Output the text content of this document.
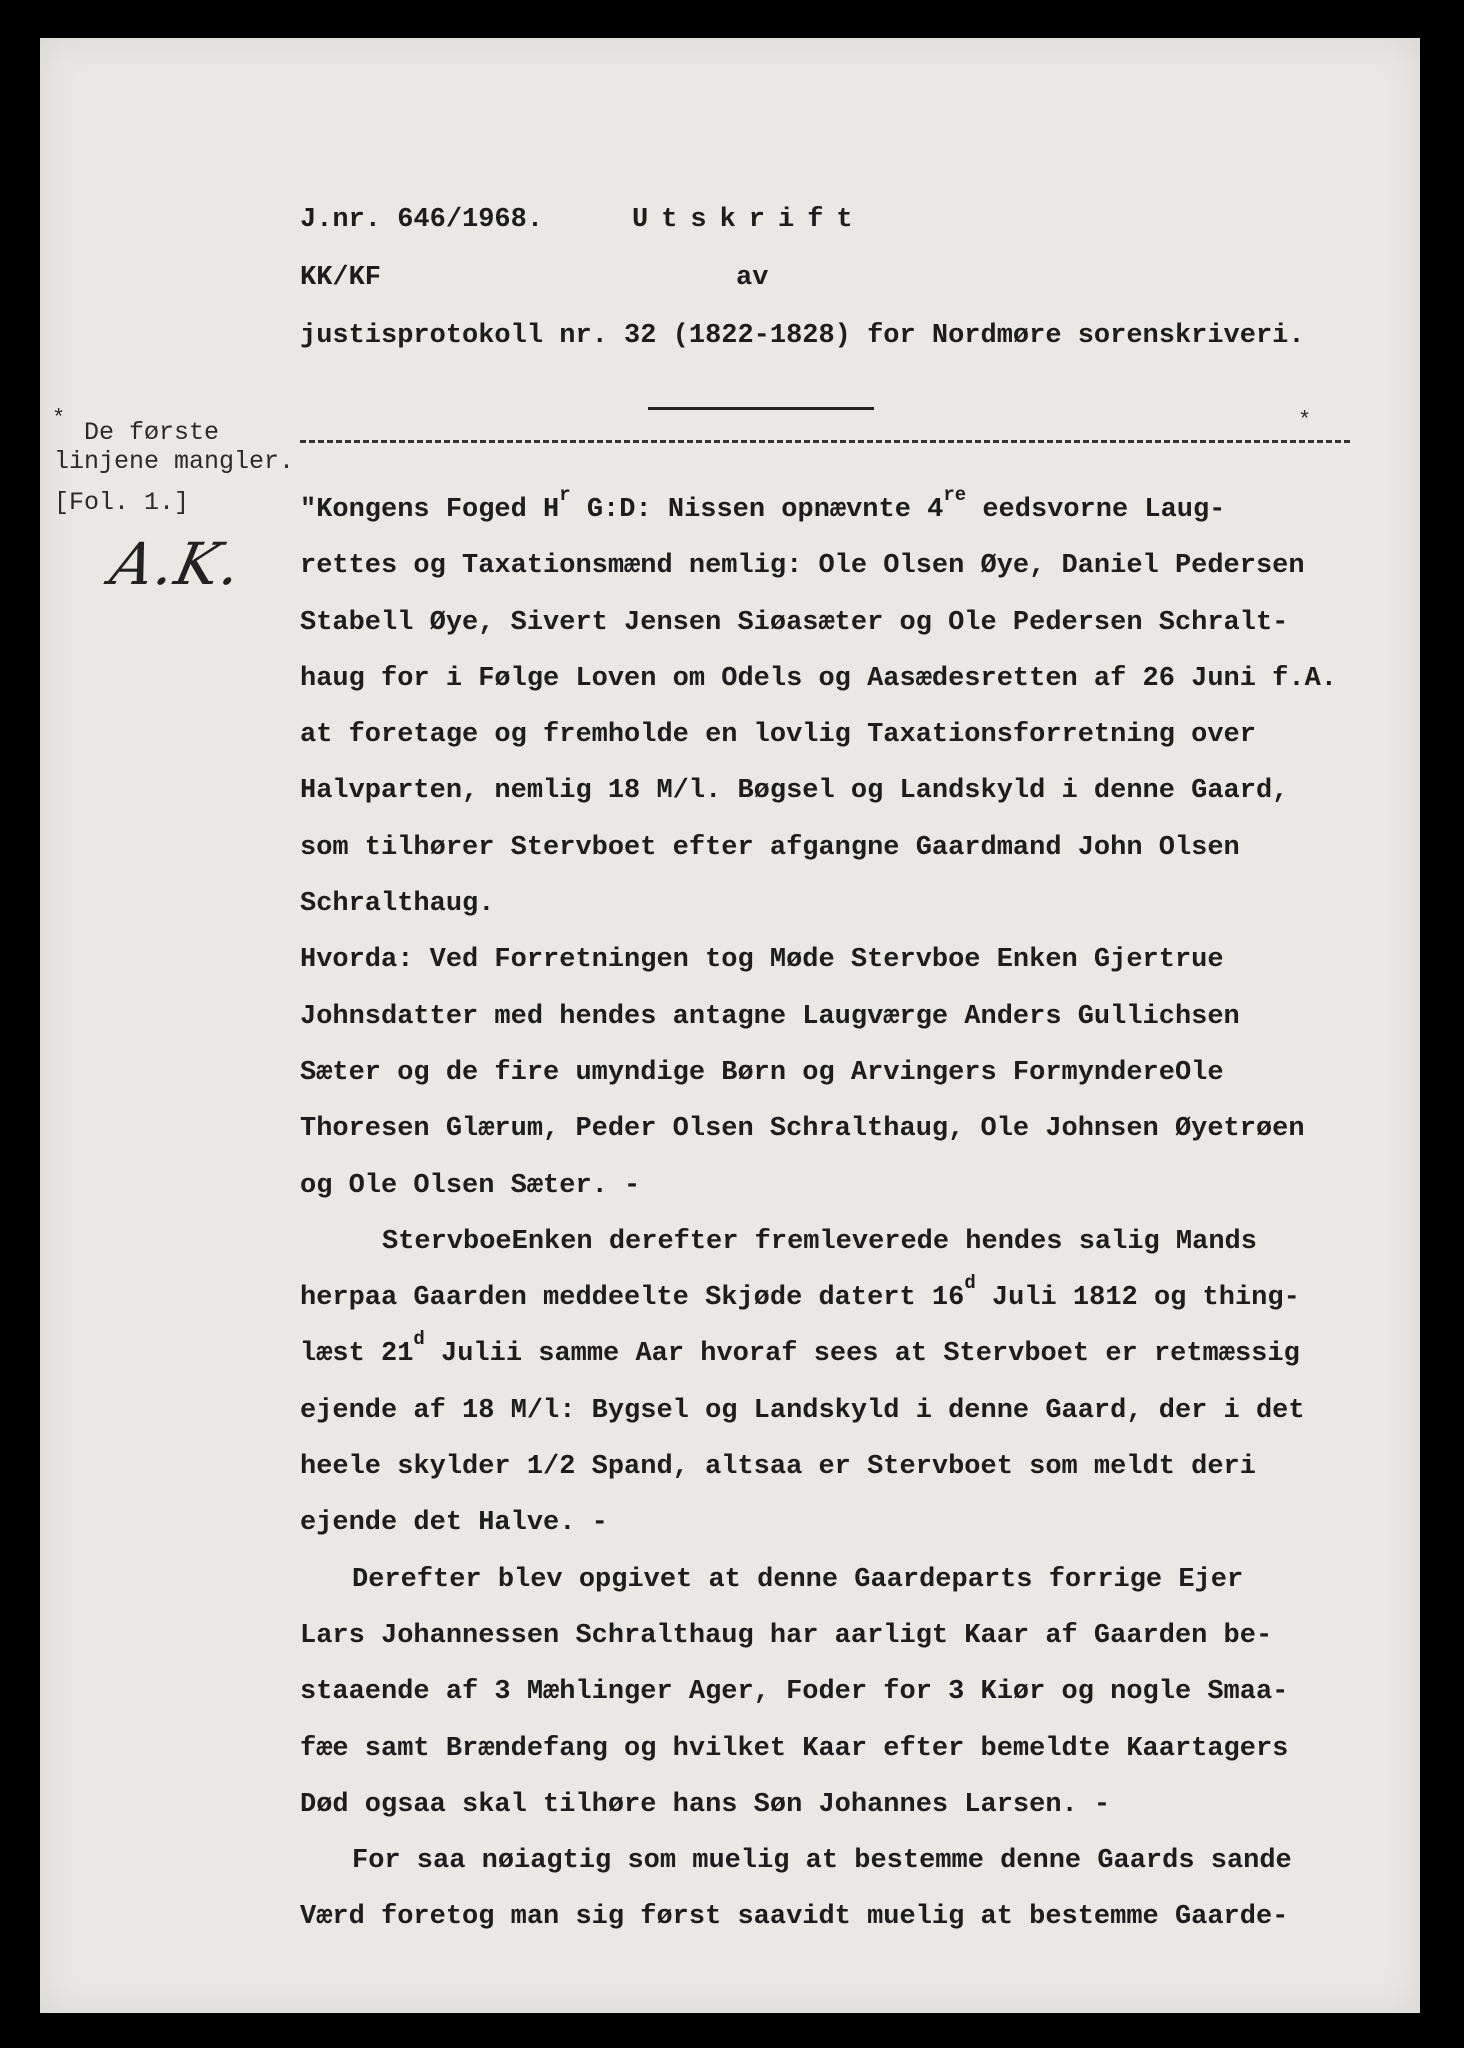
J.nr. 646/1968.	Utskrift

KK/KF	av

justisprotokoll nr. 32 (1822-1828) for Nordmøre sorenskriveri.

* De første
linjene mangler.
[Fol. 1.]
A.K.
*
"Kongens Foged $H^r$ G:D: Nissen opnævnte 4re eedsvorne Laug-
rettes og Taxationsmænd nemlig: Ole Olsen Øye, Daniel Pedersen
Stabell Øye, Sivert Jensen Siøasæter og Ole Pedersen Schralt-
haug for i Følge Loven om Odels og Aasædesretten af 26 Juni f.A.
at foretage og fremholde en lovlig Taxationsforretning over
Halvparten, nemlig 18 M/l. Bøgsel og Landskyld i denne Gaard,
som tilhører Stervboet efter afgangne Gaardmand John Olsen
Schralthaug.
Hvorda: Ved Forretningen tog Møde Stervboe Enken Gjertrue
Johnsdatter med hendes antagne Laugværge Anders Gullichsen
Sæter og de fire umyndige Børn og Arvingers FormyndereOle
Thoresen Glærum, Peder Olsen Schralthaug, Ole Johnsen Øyetrøen
og Ole Olsen Sæter. -
StervboeEnken derefter fremleverede hendes salig Mands
herpaa Gaarden meddeelte Skjøde datert 16$^d$ Juli 1812 og thing-
læst 21$^d$ Julii samme Aar hvoraf sees at Stervboet er retmæssig
ejende af 18 M/l: Bygsel og Landskyld i denne Gaard, der i det
heele skylder 1/2 Spand, altsaa er Stervboet som meldt deri
ejende det Halve. -
Derefter blev opgivet at denne Gaardeparts forrige Ejer
Lars Johannessen Schralthaug har aarligt Kaar af Gaarden be-
staaende af 3 Mæhlinger Ager, Foder for 3 Kiør og nogle Smaa-
fæe samt Brændefang og hvilket Kaar efter bemeldte Kaartagers
Død ogsaa skal tilhøre hans Søn Johannes Larsen. -
For saa nøiagtig som muelig at bestemme denne Gaards sande
Værd foretog man sig først saavidt muelig at bestemme Gaarde-
